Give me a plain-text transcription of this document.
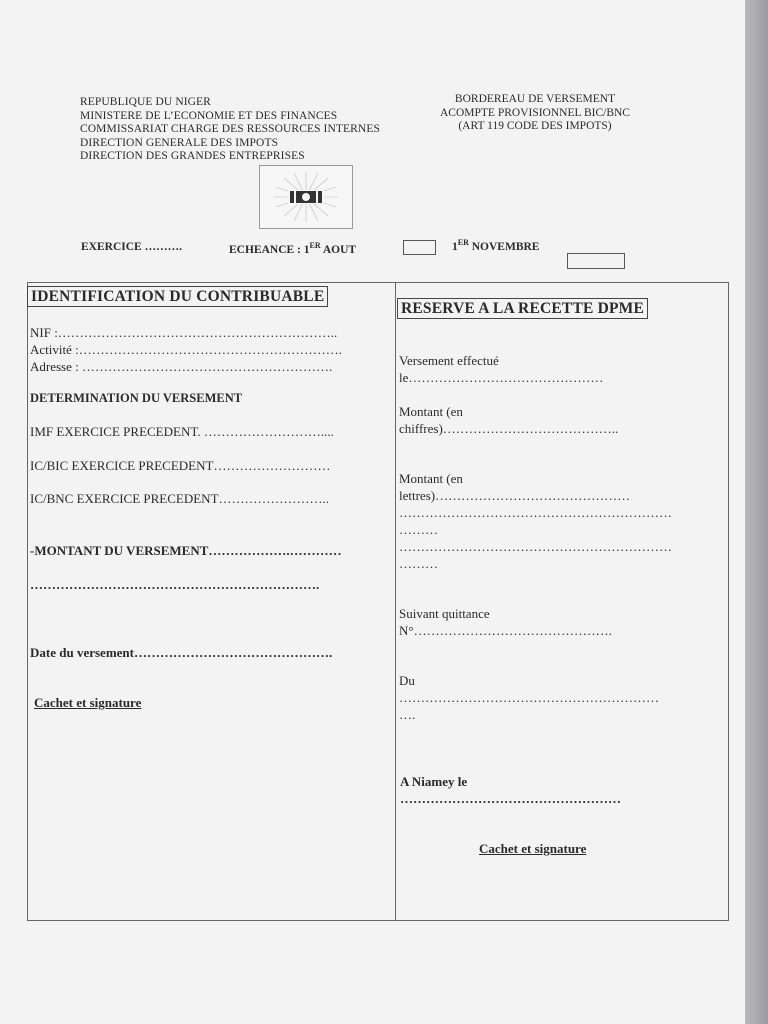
REPUBLIQUE DU NIGER
MINISTERE DE L’ECONOMIE ET DES FINANCES
COMMISSARIAT CHARGE DES RESSOURCES INTERNES
DIRECTION GENERALE DES IMPOTS
DIRECTION DES GRANDES ENTREPRISES
BORDEREAU DE VERSEMENT
ACOMPTE PROVISIONNEL BIC/BNC
(ART 119 CODE DES IMPOTS)
EXERCICE ……….	ECHEANCE : 1ER AOUT	1ER NOVEMBRE
IDENTIFICATION DU CONTRIBUABLE
NIF :………………………………………………………..
Activité :…………………………………………………….
Adresse : ………………………………………………….
DETERMINATION DU VERSEMENT
IMF EXERCICE PRECEDENT. ………………………....
IC/BIC EXERCICE PRECEDENT………………………
IC/BNC EXERCICE PRECEDENT……………………..
-MONTANT DU VERSEMENT……………….…………
………………………………………………………….
Date du versement……………………………………….
Cachet et signature
RESERVE A LA RECETTE DPME
Versement effectué
le………………………………………
Montant (en
chiffres)…………………………………..
Montant (en
lettres)………………………………………
………………………………………………………
………
………………………………………………………
………
Suivant quittance
N°……………………………………….
Du
……………………………………………………
….
A Niamey le
……………………………………………
Cachet et signature
